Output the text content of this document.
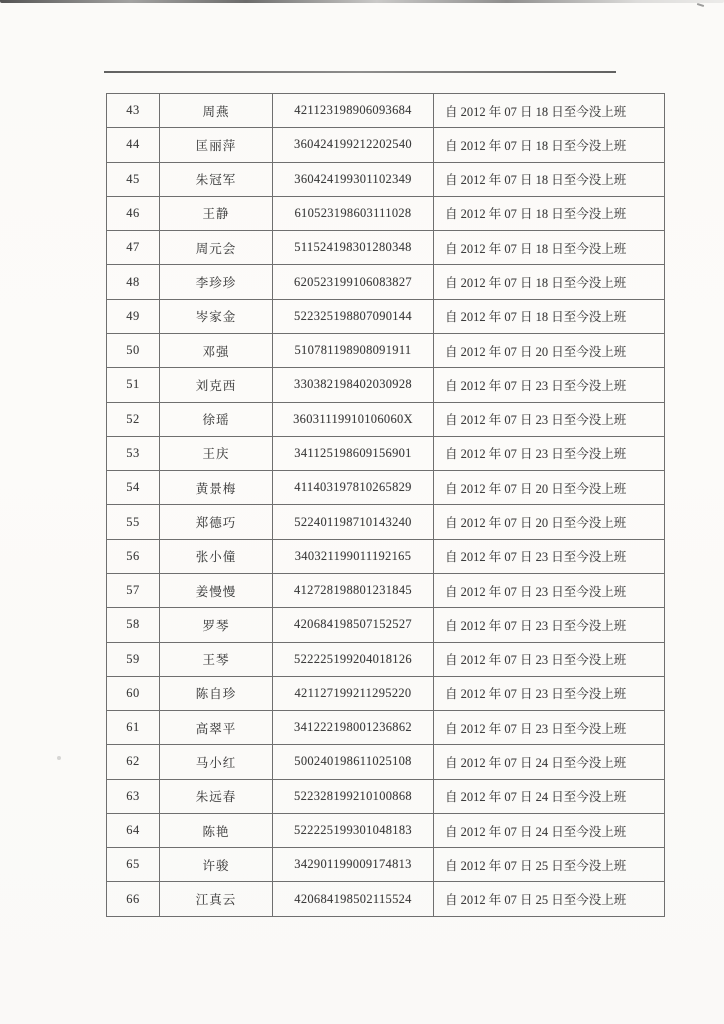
43	周燕	421123198906093684	自 2012 年 07 日 18 日至今没上班
44	匡丽萍	360424199212202540	自 2012 年 07 日 18 日至今没上班
45	朱冠军	360424199301102349	自 2012 年 07 日 18 日至今没上班
46	王静	610523198603111028	自 2012 年 07 日 18 日至今没上班
47	周元会	511524198301280348	自 2012 年 07 日 18 日至今没上班
48	李珍珍	620523199106083827	自 2012 年 07 日 18 日至今没上班
49	岑家金	522325198807090144	自 2012 年 07 日 18 日至今没上班
50	邓强	510781198908091911	自 2012 年 07 日 20 日至今没上班
51	刘克西	330382198402030928	自 2012 年 07 日 23 日至今没上班
52	徐瑶	36031119910106060X	自 2012 年 07 日 23 日至今没上班
53	王庆	341125198609156901	自 2012 年 07 日 23 日至今没上班
54	黄景梅	411403197810265829	自 2012 年 07 日 20 日至今没上班
55	郑德巧	522401198710143240	自 2012 年 07 日 20 日至今没上班
56	张小僮	340321199011192165	自 2012 年 07 日 23 日至今没上班
57	姜慢慢	412728198801231845	自 2012 年 07 日 23 日至今没上班
58	罗琴	420684198507152527	自 2012 年 07 日 23 日至今没上班
59	王琴	522225199204018126	自 2012 年 07 日 23 日至今没上班
60	陈自珍	421127199211295220	自 2012 年 07 日 23 日至今没上班
61	高翠平	341222198001236862	自 2012 年 07 日 23 日至今没上班
62	马小红	500240198611025108	自 2012 年 07 日 24 日至今没上班
63	朱远春	522328199210100868	自 2012 年 07 日 24 日至今没上班
64	陈艳	522225199301048183	自 2012 年 07 日 24 日至今没上班
65	许骏	342901199009174813	自 2012 年 07 日 25 日至今没上班
66	江真云	420684198502115524	自 2012 年 07 日 25 日至今没上班
